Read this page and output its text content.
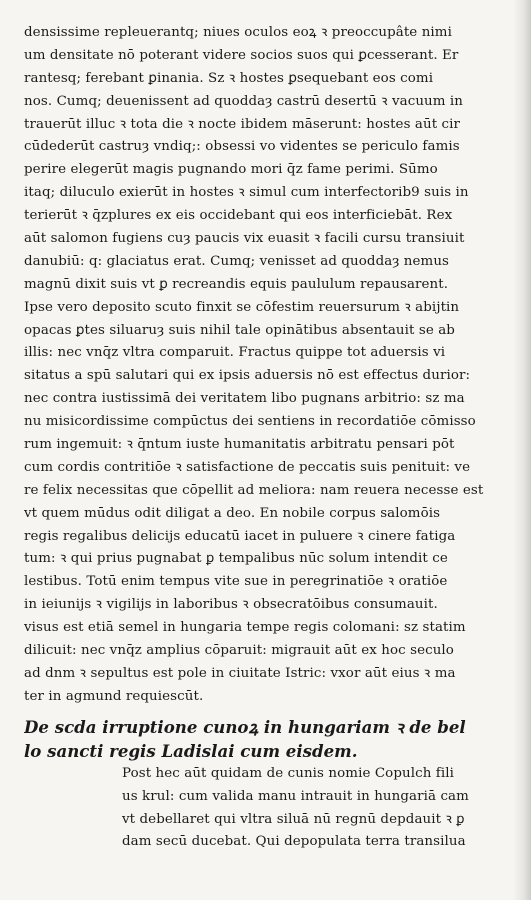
densissime repleuerantq; niues oculos eoꝝ ꝛ preoccupâte nimi
um densitate nō poterant videre socios suos qui ꝑcesserant. Er
rantesq; ferebant ꝑinania. Sz ꝛ hostes ꝑsequebant eos comi
nos. Cumq; deuenissent ad quoddaȝ castrū desertū ꝛ vacuum in
trauerūt illuc ꝛ tota die ꝛ nocte ibidem māserunt: hostes aūt cir
cūdederūt castruȝ vndiq;: obsessi vo videntes se periculo famis
perire elegerūt magis pugnando mori q̄z fame perimi. Sūmo
itaq; diluculo exierūt in hostes ꝛ simul cum interfectorib9 suis in
terierūt ꝛ q̄zplures ex eis occidebant qui eos interficiebāt. Rex
aūt salomon fugiens cuȝ paucis vix euasit ꝛ facili cursu transiuit
danubiū: q: glaciatus erat. Cumq; venisset ad quoddaȝ nemus
magnū dixit suis vt ꝑ recreandis equis paululum repausarent.
Ipse vero deposito scuto finxit se cōfestim reuersurum ꝛ abijtin
opacas ꝑtes siluaruȝ suis nihil tale opinātibus absentauit se ab
illis: nec vnq̄z vltra comparuit. Fractus quippe tot aduersis vi
sitatus a spū salutari qui ex ipsis aduersis nō est effectus durior:
nec contra iustissimā dei veritatem libo pugnans arbitrio: sz ma
nu misicordissime compūctus dei sentiens in recordatiōe cōmisso
rum ingemuit: ꝛ q̄ntum iuste humanitatis arbitratu pensari pōt
cum cordis contritiōe ꝛ satisfactione de peccatis suis penituit: ve
re felix necessitas que cōpellit ad meliora: nam reuera necesse est
vt quem mūdus odit diligat a deo. En nobile corpus salomōis
regis regalibus delicijs educatū iacet in puluere ꝛ cinere fatiga
tum: ꝛ qui prius pugnabat ꝑ tempalibus nūc solum intendit ce
lestibus. Totū enim tempus vite sue in peregrinatiōe ꝛ oratiōe
in ieiunijs ꝛ vigilijs in laboribus ꝛ obsecratōibus consumauit.
visus est etiā semel in hungaria tempe regis colomani: sz statim
dilicuit: nec vnq̄z amplius cōparuit: migrauit aūt ex hoc seculo
ad dnm ꝛ sepultus est pole in ciuitate Istric: vxor aūt eius ꝛ ma
ter in agmund requiescūt.
De scda irruptione cunoꝝ in hungariam ꝛ de bel
lo sancti regis Ladislai cum eisdem.
Post hec aūt quidam de cunis nomie Copulch fili
us krul: cum valida manu intrauit in hungariā cam
vt debellaret qui vltra siluā nū regnū depdauit ꝛ ꝑ
dam secū ducebat. Qui depopulata terra transilua
